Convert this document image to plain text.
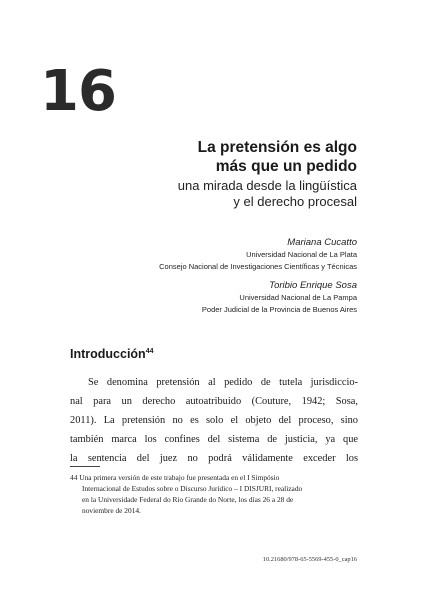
16
La pretensión es algo
más que un pedido
una mirada desde la lingüística
y el derecho procesal
Mariana Cucatto
Universidad Nacional de La Plata
Consejo Nacional de Investigaciones Científicas y Técnicas
Toribio Enrique Sosa
Universidad Nacional de La Pampa
Poder Judicial de la Provincia de Buenos Aires
Introducción$^{44}$
Se denomina pretensión al pedido de tutela jurisdiccio-
nal para un derecho autoatribuido (Couture, 1942; Sosa,
2011). La pretensión no es solo el objeto del proceso, sino
también marca los confines del sistema de justicia, ya que
la sentencia del juez no podrá válidamente exceder los
44 Una primera versión de este trabajo fue presentada en el I Simpósio
Internacional de Estudos sobre o Discurso Jurídico – I DISJURI, realizado
en la Universidade Federal do Rio Grande do Norte, los días 26 a 28 de
noviembre de 2014.
10.21680/978-65-5569-455-0_cap16
